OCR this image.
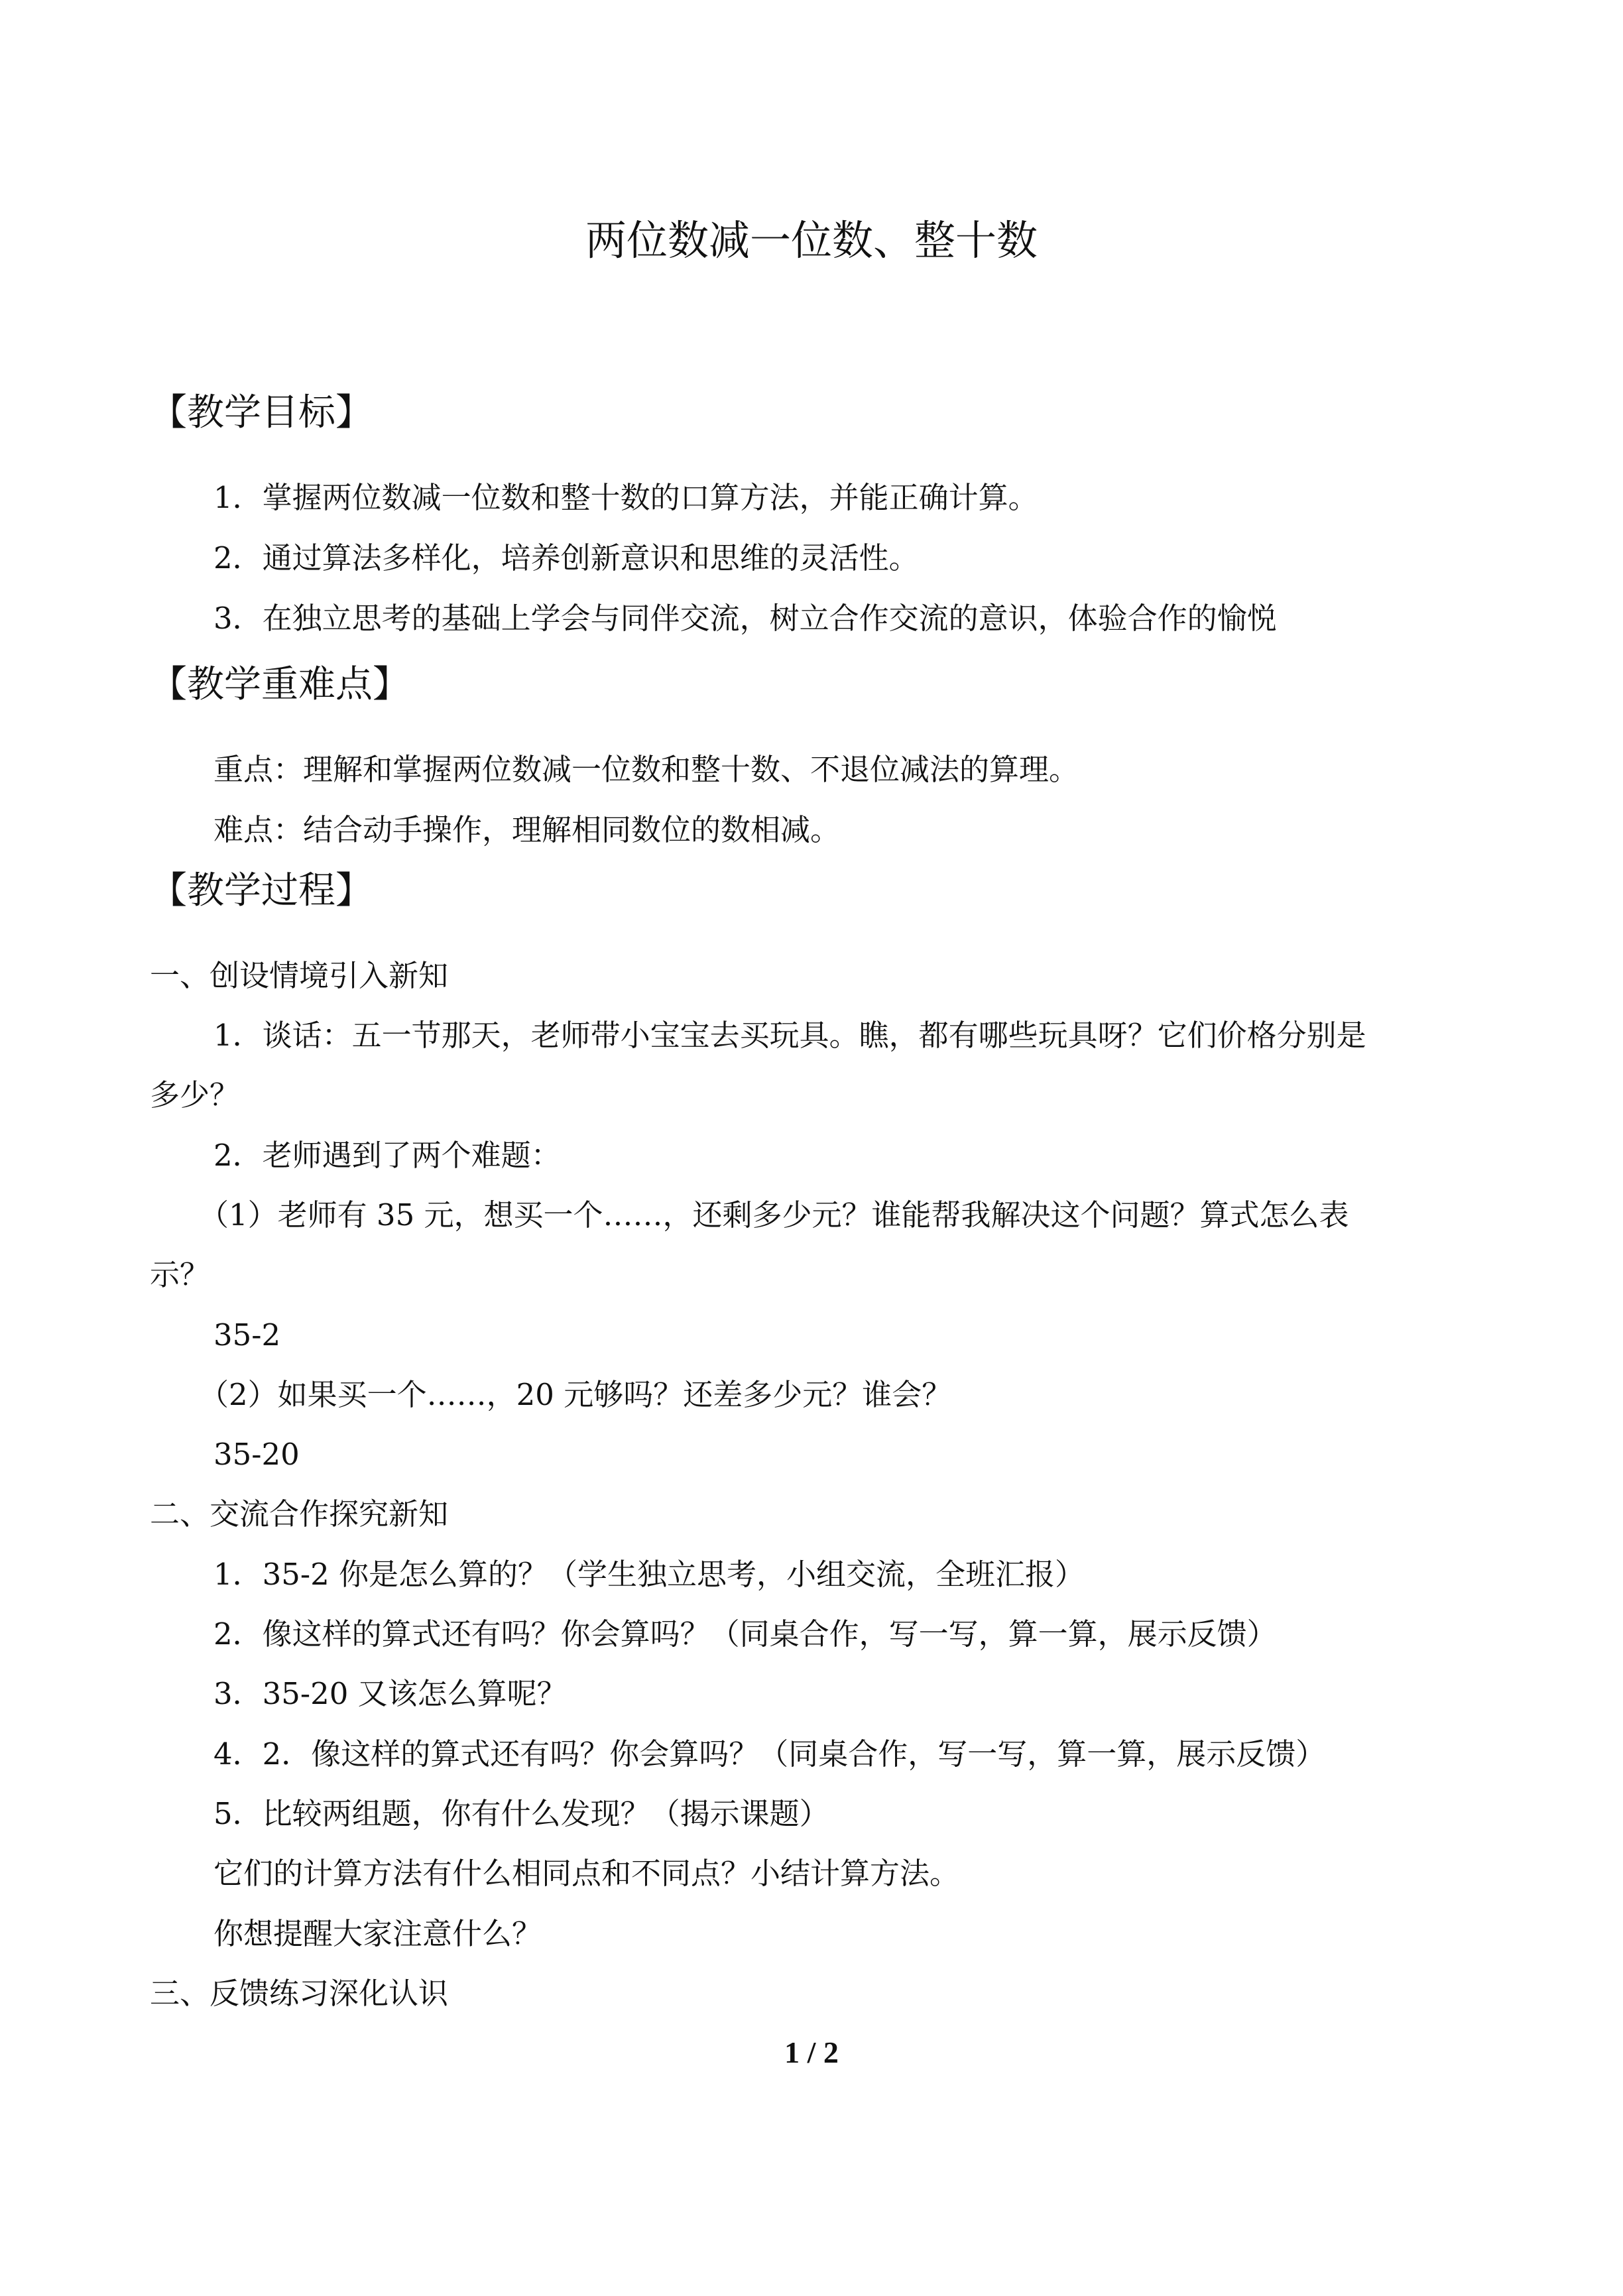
两位数减一位数、整十数
【教学目标】
1．掌握两位数减一位数和整十数的口算方法，并能正确计算。
2．通过算法多样化，培养创新意识和思维的灵活性。
3．在独立思考的基础上学会与同伴交流，树立合作交流的意识，体验合作的愉悦
【教学重难点】
重点：理解和掌握两位数减一位数和整十数、不退位减法的算理。
难点：结合动手操作，理解相同数位的数相减。
【教学过程】
一、创设情境引入新知
1．谈话：五一节那天，老师带小宝宝去买玩具。瞧，都有哪些玩具呀？它们价格分别是
多少？
2．老师遇到了两个难题：
（1）老师有 35 元，想买一个……，还剩多少元？谁能帮我解决这个问题？算式怎么表
示？
35-2
（2）如果买一个……，20 元够吗？还差多少元？谁会？
35-20
二、交流合作探究新知
1．35-2 你是怎么算的？（学生独立思考，小组交流，全班汇报）
2．像这样的算式还有吗？你会算吗？（同桌合作，写一写，算一算，展示反馈）
3．35-20 又该怎么算呢？
4．2．像这样的算式还有吗？你会算吗？（同桌合作，写一写，算一算，展示反馈）
5．比较两组题，你有什么发现？（揭示课题）
它们的计算方法有什么相同点和不同点？小结计算方法。
你想提醒大家注意什么？
三、反馈练习深化认识
1 / 2
